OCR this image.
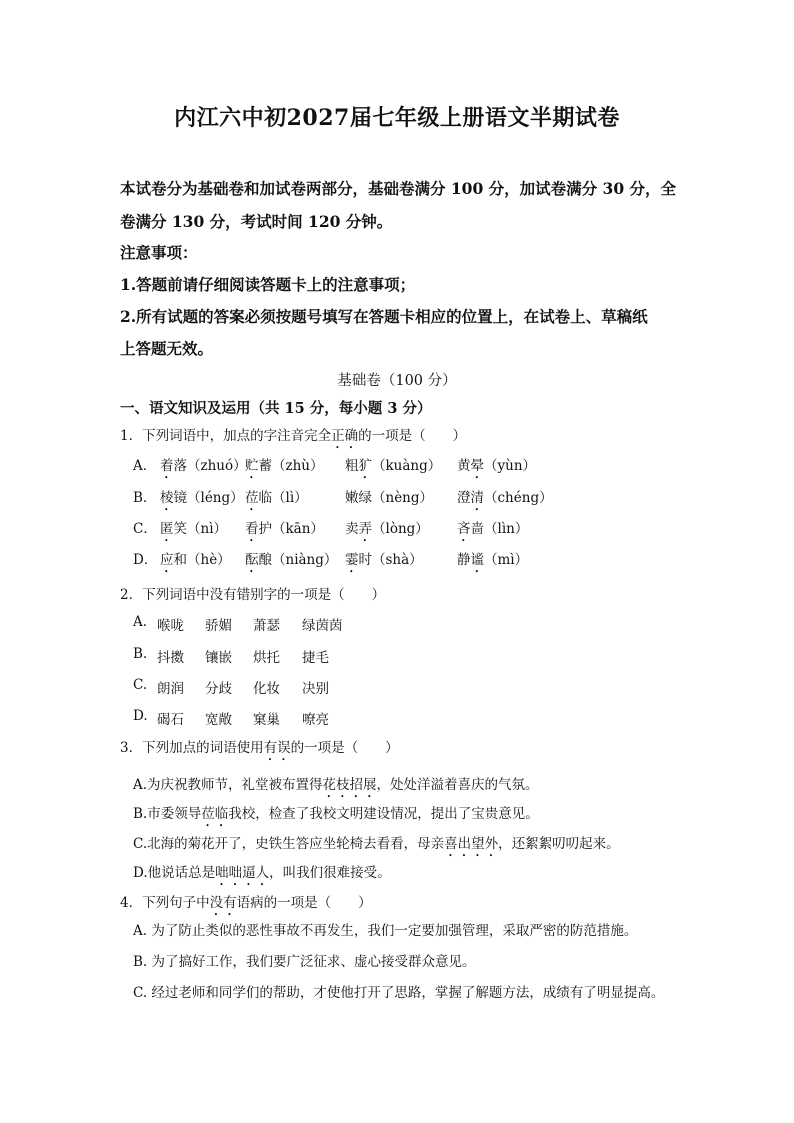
内江六中初2027届七年级上册语文半期试卷
本试卷分为基础卷和加试卷两部分，基础卷满分 100 分，加试卷满分 30 分，全
卷满分 130 分，考试时间 120 分钟。
注意事项：
1.答题前请仔细阅读答题卡上的注意事项；
2.所有试题的答案必须按题号填写在答题卡相应的位置上，在试卷上、草稿纸
上答题无效。
基础卷（100 分）
一、语文知识及运用（共 15 分，每小题 3 分）
1．下列词语中，加点的字注音完全正确的一项是（　　）
A． 着落（zhuó）
贮蓄（zhù） 粗犷（kuàng） 黄晕（yùn）
B． 棱镜（léng） 莅临（lì）	嫩绿（nèng） 澄清（chéng）
C． 匿笑（nì） 看护（kān） 卖弄（lòng） 吝啬（lìn）
D． 应和（hè） 酝酿（niàng） 霎时（shà）	静谧（mì）
2．下列词语中没有错别字的一项是（　　）
A. 喉咙 骄媚 萧瑟 绿茵茵
B. 抖擞 镶嵌 烘托 捷毛
C. 朗润 分歧 化妆 决别
D. 碣石 宽敞 窠巢 嘹亮
3．下列加点的词语使用有误的一项是（　　）
A.为庆祝教师节，礼堂被布置得花枝招展，处处洋溢着喜庆的气氛。
B.市委领导莅临我校，检查了我校文明建设情况，提出了宝贵意见。
C.北海的菊花开了，史铁生答应坐轮椅去看看，母亲喜出望外，还絮絮叨叨起来。
D.他说话总是咄咄逼人，叫我们很难接受。
4．下列句子中没有语病的一项是（　　）
A. 为了防止类似的恶性事故不再发生，我们一定要加强管理，采取严密的防范措施。
B. 为了搞好工作，我们要广泛征求、虚心接受群众意见。
C. 经过老师和同学们的帮助，才使他打开了思路，掌握了解题方法，成绩有了明显提高。
